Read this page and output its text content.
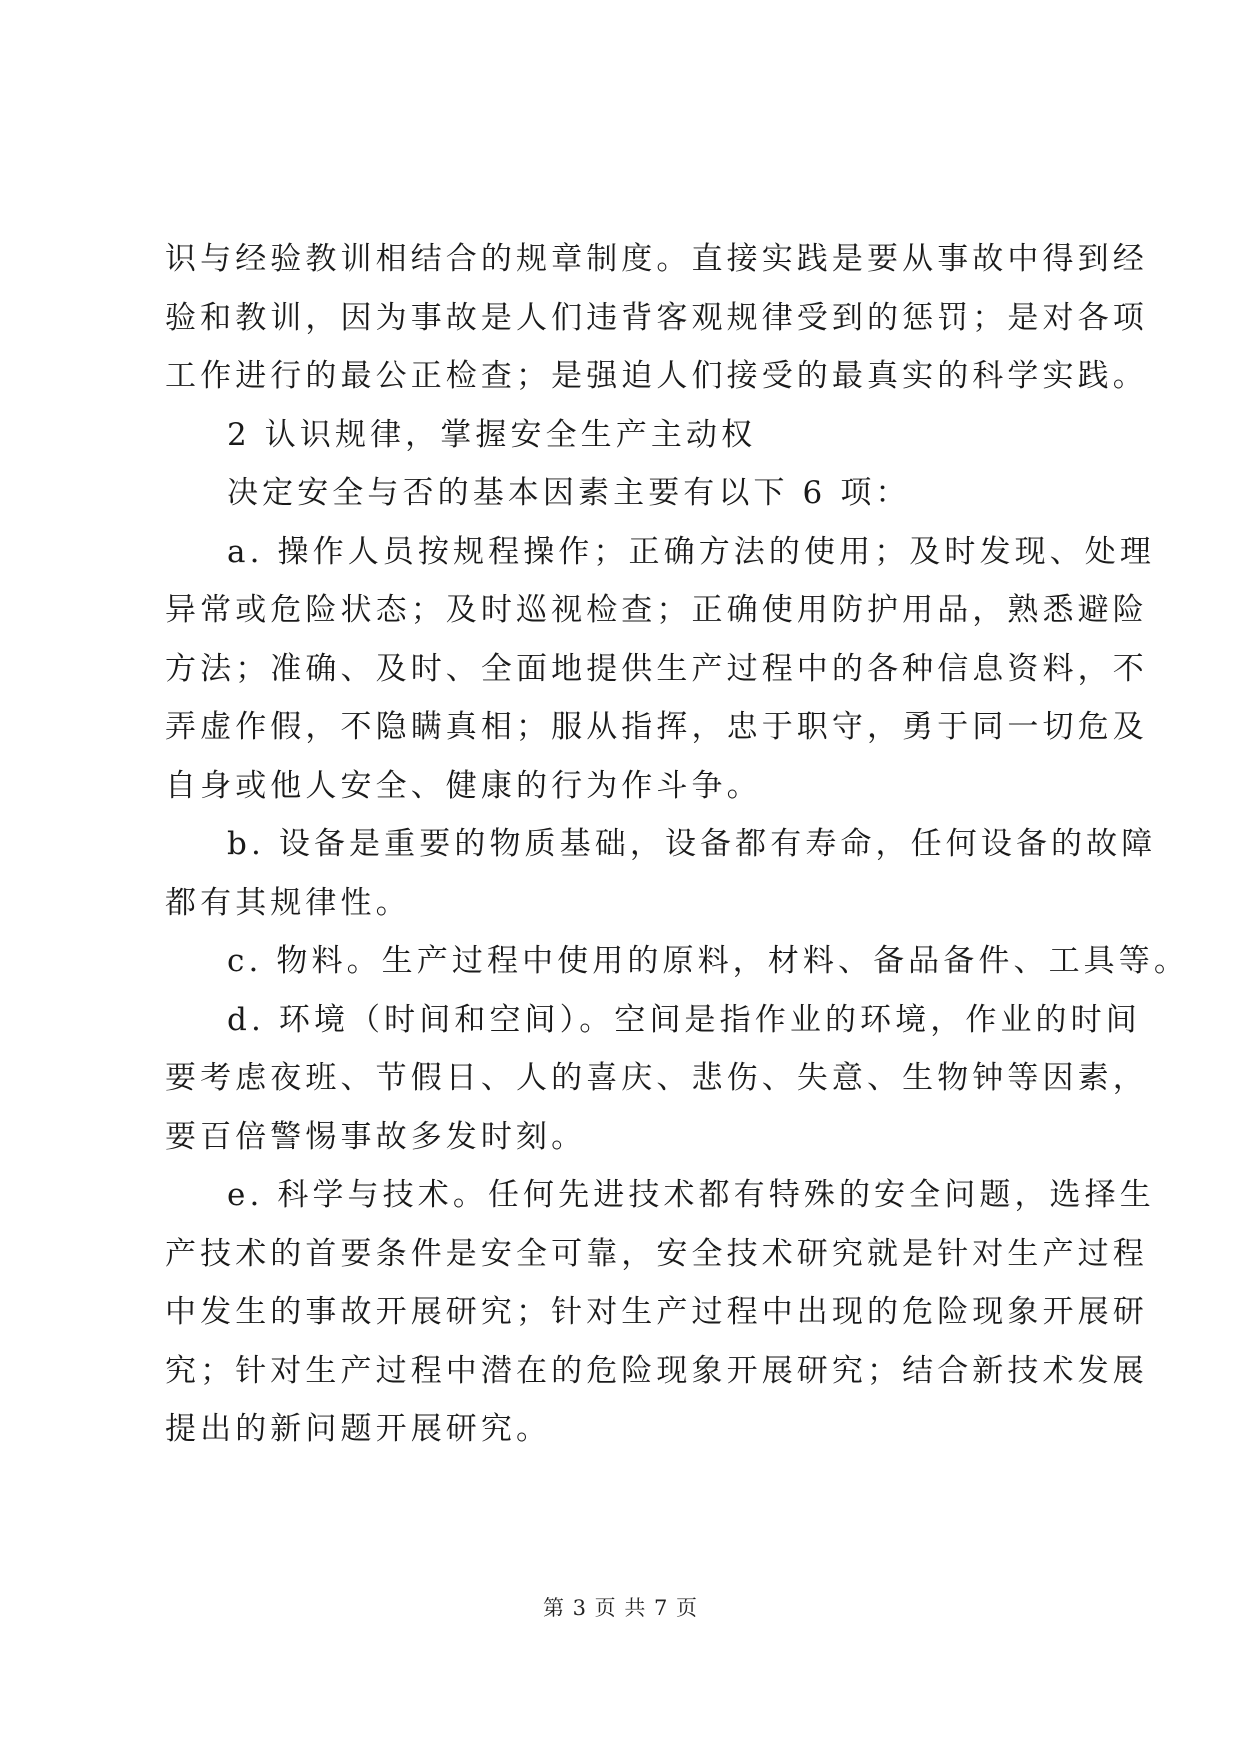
识与经验教训相结合的规章制度。直接实践是要从事故中得到经
验和教训，因为事故是人们违背客观规律受到的惩罚；是对各项
工作进行的最公正检查；是强迫人们接受的最真实的科学实践。
2 认识规律，掌握安全生产主动权
决定安全与否的基本因素主要有以下 6 项：
a. 操作人员按规程操作；正确方法的使用；及时发现、处理
异常或危险状态；及时巡视检查；正确使用防护用品，熟悉避险
方法；准确、及时、全面地提供生产过程中的各种信息资料，不
弄虚作假，不隐瞒真相；服从指挥，忠于职守，勇于同一切危及
自身或他人安全、健康的行为作斗争。
b. 设备是重要的物质基础，设备都有寿命，任何设备的故障
都有其规律性。
c. 物料。生产过程中使用的原料，材料、备品备件、工具等。
d. 环境（时间和空间）。空间是指作业的环境，作业的时间
要考虑夜班、节假日、人的喜庆、悲伤、失意、生物钟等因素，
要百倍警惕事故多发时刻。
e. 科学与技术。任何先进技术都有特殊的安全问题，选择生
产技术的首要条件是安全可靠，安全技术研究就是针对生产过程
中发生的事故开展研究；针对生产过程中出现的危险现象开展研
究；针对生产过程中潜在的危险现象开展研究；结合新技术发展
提出的新问题开展研究。
第 3 页 共 7 页
